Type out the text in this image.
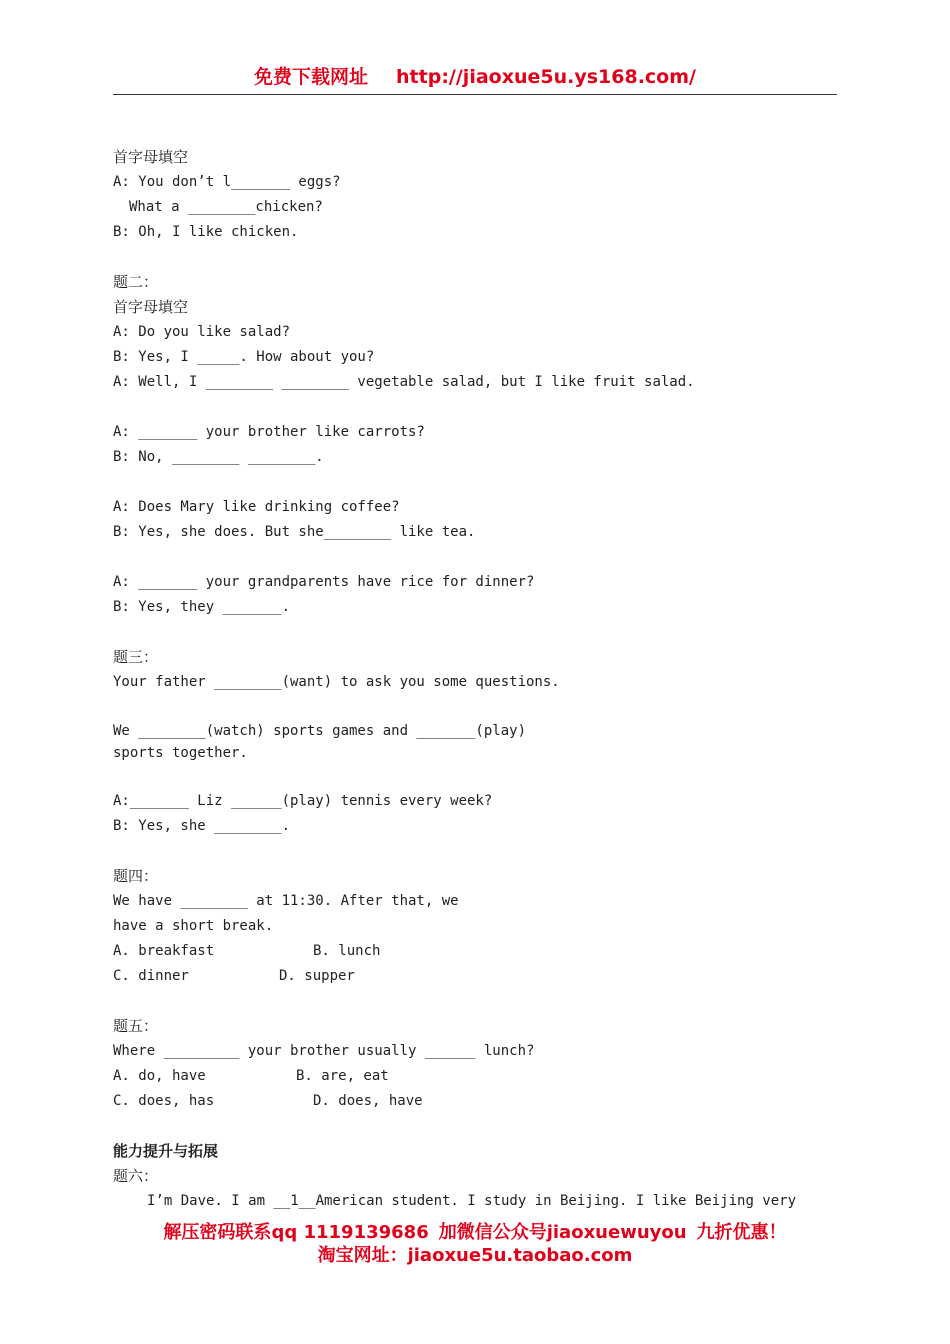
免费下载网址 http://jiaoxue5u.ys168.com/
首字母填空
A: You don’t l_______ eggs?
What a ________chicken?
B: Oh, I like chicken.
题二：
首字母填空
A: Do you like salad?
B: Yes, I _____. How about you?
A: Well, I ________ ________ vegetable salad, but I like fruit salad.
A: _______ your brother like carrots?
B: No, ________ ________.
A: Does Mary like drinking coffee?
B: Yes, she does. But she________ like tea.
A: _______ your grandparents have rice for dinner?
B: Yes, they _______.
题三：
Your father ________(want) to ask you some questions.
We ________(watch) sports games and _______(play)
sports together.
A:_______ Liz ______(play) tennis every week?
B: Yes, she ________.
题四：
We have ________ at 11:30. After that, we
have a short break.
A. breakfast	B. lunch
C. dinner	D. supper
题五：
Where _________ your brother usually ______ lunch?
A. do, have	B. are, eat
C. does, has	D. does, have
能力提升与拓展
题六：
I’m Dave. I am __1__American student. I study in Beijing. I like Beijing very
解压密码联系qq 1119139686 加微信公众号jiaoxuewuyou 九折优惠！
淘宝网址：jiaoxue5u.taobao.com
